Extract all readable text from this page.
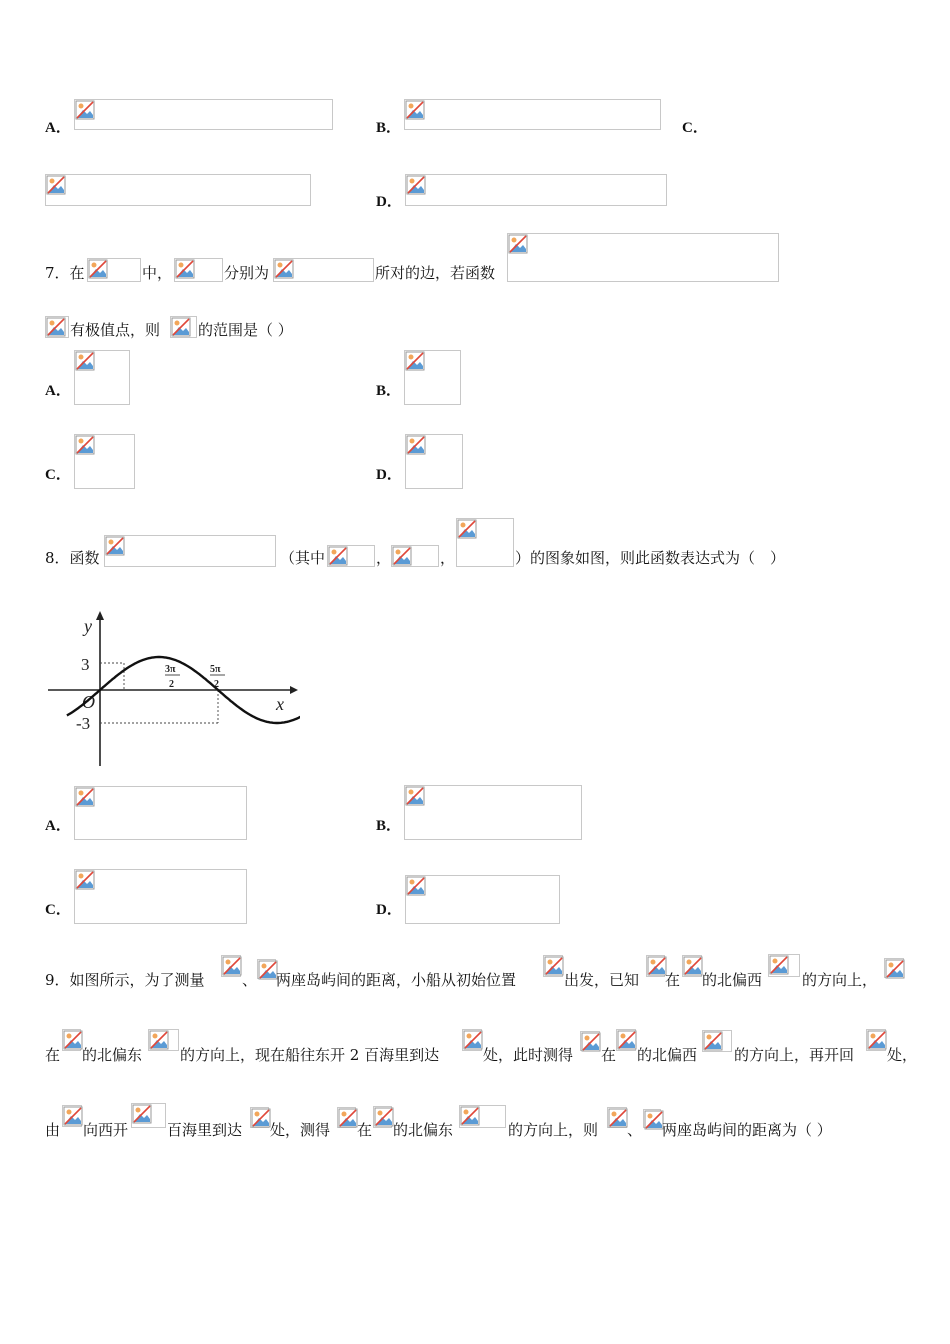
A．	B．	C．
D．
7．在	中，	分别为	所对的边，若函数
有极值点，则	的范围是（ ）
A．	B．
C．	D．
8．函数	（其中	，	，	）的图象如图，则此函数表达式为（　）
y
x
O
3
-3
3π
2
5π
2
A．	B．
C．	D．
9．如图所示，为了测量 、 两座岛屿间的距离，小船从初始位置	出发，已知 在 的北偏西	的方向上，
在 的北偏东	的方向上，现在船往东开 2 百海里到达	处，此时测得 在 的北偏西 的方向上，再开回 处，
由 向西开	百海里到达 处，测得 在 的北偏东	的方向上，则 、 两座岛屿间的距离为（ ）
